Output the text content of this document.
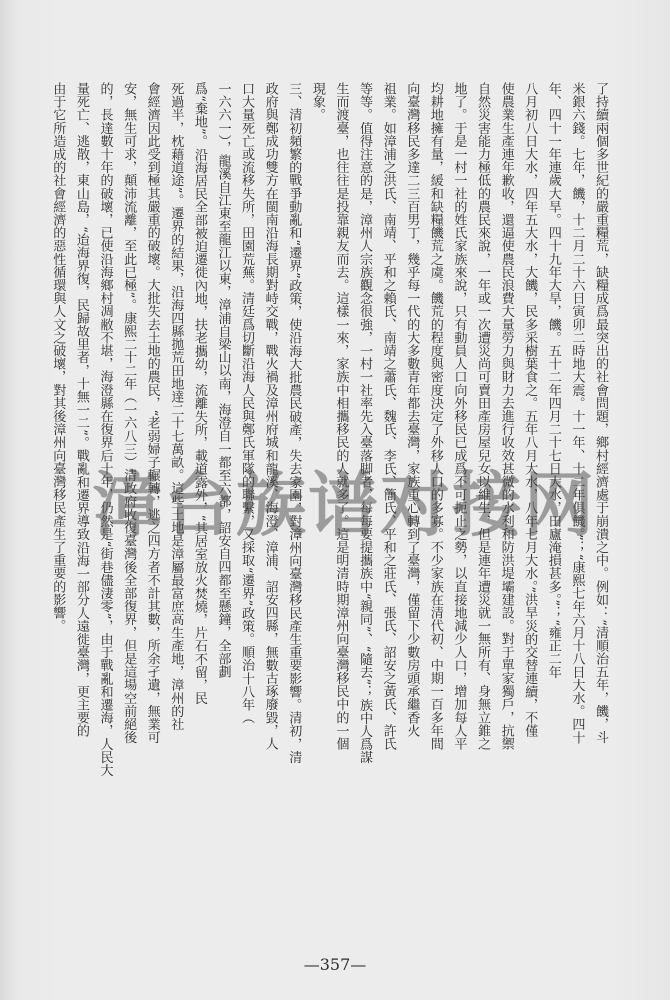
了持續兩個多世紀的嚴重糧荒，缺糧成爲最突出的社會問題，鄉村經濟處于崩潰之中。例如：“清順治五年，饑，斗
米銀六錢。七年，饑，十二月二十六日寅卯二時地大震。十一年、十二年俱饑。”；“康熙七年六月十八日大水。四十
年、四十一年連歲大旱。四十九年大旱，饑。五十二年四月二十七日大水，田廬淹損甚多。”；“雍正二年
八月初八日大水，四年五大水，大饑，民多采樹葉食之。五年八月大水，八年七月大水。”洪旱災的交替連續，不僅
使農業生產連年歉收，還逼使農民浪費大量勞力與財力去進行收效甚微的水利和防洪堤壩建設。對于單家獨戶，抗禦
自然災害能力極低的農民來說，一年或一次遭災尚可賣田產房屋兒女以維生，但是連年遭災就一無所有、身無立錐之
地了。于是一村一社的姓氏家族來說，只有動員人口向外移民已成爲不可扼止之勢，以直接地減少人口，增加每人平
均耕地擁有量，緩和缺糧饑荒之虞。饑荒的程度與密度決定了外移人口的多寡。不少家族在清代初、中期一百多年間
向臺灣移民多達二三百男丁，幾乎每一代的大多數青年都去臺灣，家族重心轉到了臺灣，僅留下少數房頭承繼香火
祖業。如漳浦之洪氏、南靖、平和之賴氏、南靖之蕭氏、魏氏、李氏、簡氏、平和之莊氏、張氏、詔安之黃氏、許氏
等等。值得注意的是，漳州人宗族觀念很強，一村一社率先入臺落脚者，每每要提攜族中“親同”、“隨去”；族中人爲謀
生而渡臺，也往往是投靠親友而去。這樣一來，家族中相攜移民的人就多了。這是明清時期漳州向臺灣移民中的一個
現象。
三、清初頻繁的戰爭動亂和“遷界”政策，使沿海大批農民破產，失去家園，對漳州向臺灣移民產生重要影響。清初，清
政府與鄭成功雙方在閩南沿海長期對峙交戰，戰火禍及漳州府城和龍溪、海澄、漳浦、詔安四縣，無數古琢廢毀，人
口大量死亡或流移失所，田園荒蕪。清廷爲切斷沿海人民與鄭氏軍隊的聯繫，又採取“遷界”政策。順治十八年（
一六六一），龍溪自江東至龍江以東，漳浦自梁山以南，海澄自一都至六都，詔安自四都至懸鐘，全部劃
爲“棄地”。沿海居民全部被迫遷徙內地，扶老攜幼，流離失所，載道露外，“其居室放火焚燒，片石不留，民
死過半，枕藉道途”。遷界的結果，沿海四縣拋荒田地達二十七萬畝。這些土地是漳屬最富庶高生產地，漳州的社
會經濟因此受到極其嚴重的破壞。大批失去土地的農民，“老弱婦子輾轉，逃之四方者不計其數，所余孑遺，無業可
安，無生可求，顛沛流離，至此已極”。康熙二十二年（一六八三）清政府收復臺灣後全部復界，但是這場空前絕後
的，長達數十年的破壞，已使沿海鄉村凋敝不堪，海澄縣在復界后十年，仍然是“街巷儘淒零”，由于戰亂和遷海，人民大
量死亡、逃散，東山島，“迨海界復，民歸故里者，十無一二”。戰亂和遷界導致沿海一部分人遠徙臺灣，更主要的
由于它所造成的社會經濟的惡性循環與人文之破壞，對其後漳州向臺灣移民產生了重要的影響。 漳台族谱对接网
—357—
